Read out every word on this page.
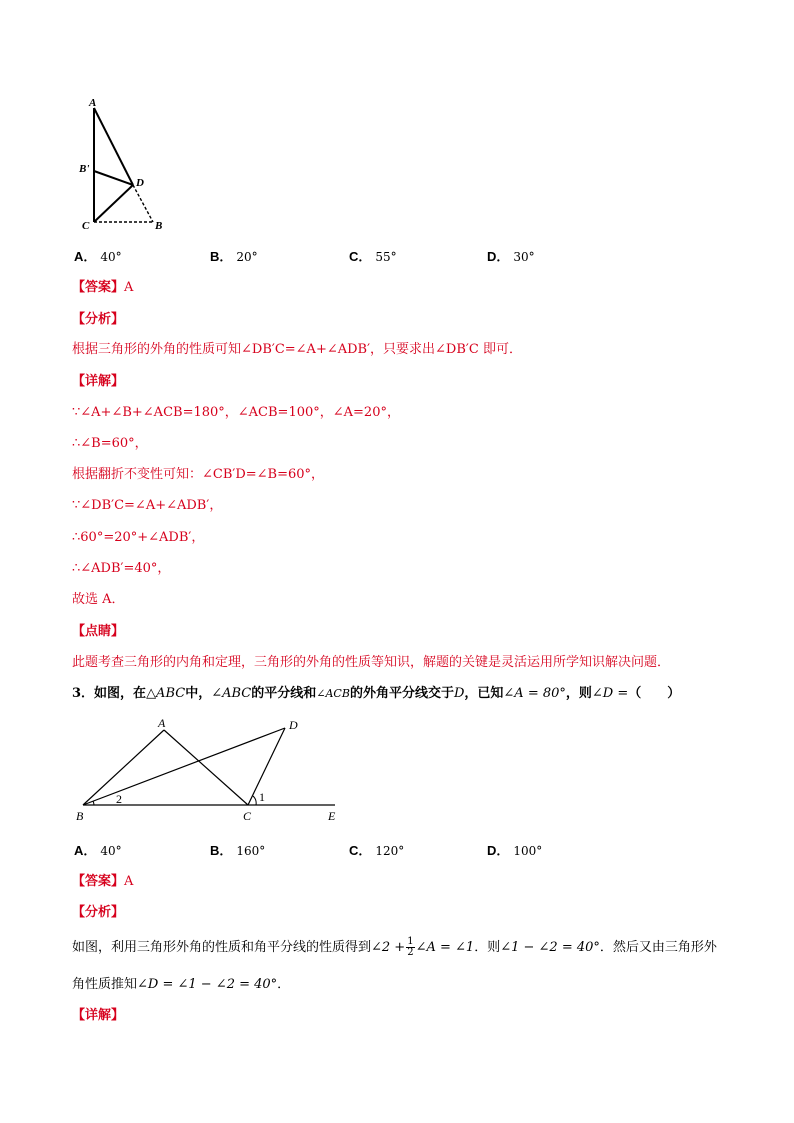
A
B'
C
D
B
A． 40°	B． 20°	C． 55°	D． 30°
【答案】A
【分析】
根据三角形的外角的性质可知∠DB′C=∠A+∠ADB′，只要求出∠DB′C 即可．
【详解】
∵∠A+∠B+∠ACB=180°，∠ACB=100°，∠A=20°，
∴∠B=60°，
根据翻折不变性可知：∠CB′D=∠B=60°，
∵∠DB′C=∠A+∠ADB′，
∴60°=20°+∠ADB′，
∴∠ADB′=40°，
故选 A．
【点睛】
此题考查三角形的内角和定理，三角形的外角的性质等知识，解题的关键是灵活运用所学知识解决问题．
3．如图，在△ABC中，∠ABC的平分线和∠ACB的外角平分线交于D，已知∠A = 80°，则∠D =（　　）
A	D
B	C	E
1
2
A． 40°	B． 160°	C． 120°	D． 100°
【答案】A
【分析】
如图，利用三角形外角的性质和角平分线的性质得到∠2 + $\frac{1}{2}$ ∠A = ∠1．则∠1 − ∠2 = 40°．然后又由三角形外
角性质推知∠D = ∠1 − ∠2 = 40°．
【详解】
